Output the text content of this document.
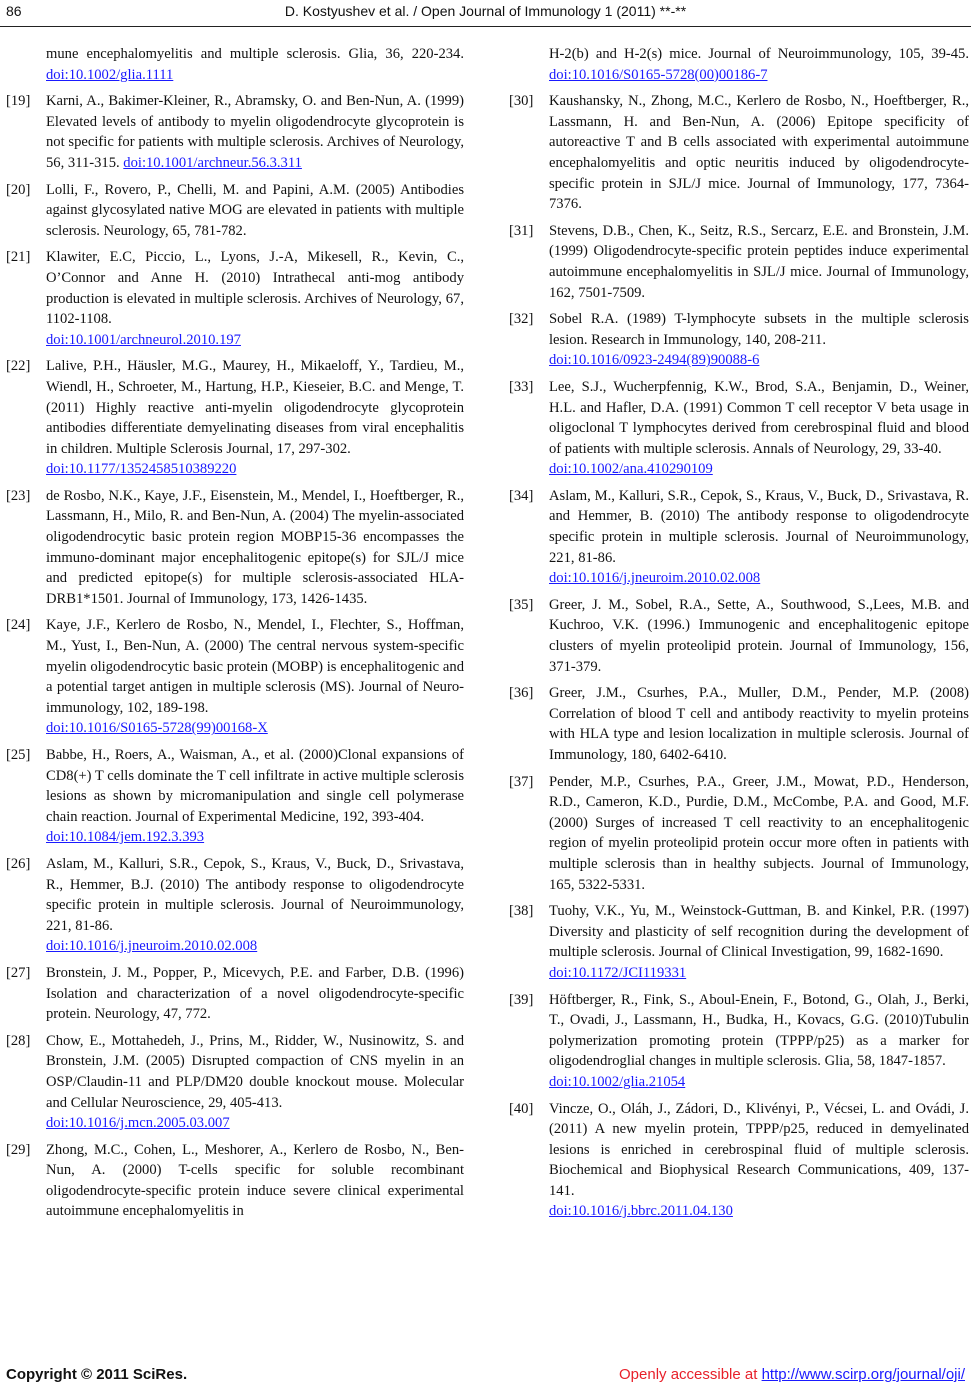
86	D. Kostyushev et al. / Open Journal of Immunology 1 (2011) **-**
mune encephalomyelitis and multiple sclerosis. Glia, 36, 220-234. doi:10.1002/glia.1111
[19] Karni, A., Bakimer-Kleiner, R., Abramsky, O. and Ben-Nun, A. (1999) Elevated levels of antibody to myelin oligodendrocyte glycoprotein is not specific for patients with multiple sclerosis. Archives of Neurology, 56, 311-315. doi:10.1001/archneur.56.3.311
[20] Lolli, F., Rovero, P., Chelli, M. and Papini, A.M. (2005) Antibodies against glycosylated native MOG are elevated in patients with multiple sclerosis. Neurology, 65, 781-782.
[21] Klawiter, E.C, Piccio, L., Lyons, J.-A, Mikesell, R., Kevin, C., O’Connor and Anne H. (2010) Intrathecal anti-mog antibody production is elevated in multiple sclerosis. Archives of Neurology, 67, 1102-1108.
doi:10.1001/archneurol.2010.197
[22] Lalive, P.H., Häusler, M.G., Maurey, H., Mikaeloff, Y., Tardieu, M., Wiendl, H., Schroeter, M., Hartung, H.P., Kieseier, B.C. and Menge, T. (2011) Highly reactive anti-myelin oligodendrocyte glycoprotein antibodies differentiate demyelinating diseases from viral encephalitis in children. Multiple Sclerosis Journal, 17, 297-302.
doi:10.1177/1352458510389220
[23] de Rosbo, N.K., Kaye, J.F., Eisenstein, M., Mendel, I., Hoeftberger, R., Lassmann, H., Milo, R. and Ben-Nun, A. (2004) The myelin-associated oligodendrocytic basic protein region MOBP15-36 encompasses the immuno-dominant major encephalitogenic epitope(s) for SJL/J mice and predicted epitope(s) for multiple sclerosis-associated HLA-DRB1*1501. Journal of Immunology, 173, 1426-1435.
[24] Kaye, J.F., Kerlero de Rosbo, N., Mendel, I., Flechter, S., Hoffman, M., Yust, I., Ben-Nun, A. (2000) The central nervous system-specific myelin oligodendrocytic basic protein (MOBP) is encephalitogenic and a potential target antigen in multiple sclerosis (MS). Journal of Neuro-immunology, 102, 189-198.
doi:10.1016/S0165-5728(99)00168-X
[25] Babbe, H., Roers, A., Waisman, A., et al. (2000)Clonal expansions of CD8(+) T cells dominate the T cell infiltrate in active multiple sclerosis lesions as shown by micromanipulation and single cell polymerase chain reaction. Journal of Experimental Medicine, 192, 393-404.
doi:10.1084/jem.192.3.393
[26] Aslam, M., Kalluri, S.R., Cepok, S., Kraus, V., Buck, D., Srivastava, R., Hemmer, B.J. (2010) The antibody response to oligodendrocyte specific protein in multiple sclerosis. Journal of Neuroimmunology, 221, 81-86.
doi:10.1016/j.jneuroim.2010.02.008
[27] Bronstein, J. M., Popper, P., Micevych, P.E. and Farber, D.B. (1996) Isolation and characterization of a novel oligodendrocyte-specific protein. Neurology, 47, 772.
[28] Chow, E., Mottahedeh, J., Prins, M., Ridder, W., Nusinowitz, S. and Bronstein, J.M. (2005) Disrupted compaction of CNS myelin in an OSP/Claudin-11 and PLP/DM20 double knockout mouse. Molecular and Cellular Neuroscience, 29, 405-413.
doi:10.1016/j.mcn.2005.03.007
[29] Zhong, M.C., Cohen, L., Meshorer, A., Kerlero de Rosbo, N., Ben-Nun, A. (2000) T-cells specific for soluble recombinant oligodendrocyte-specific protein induce severe clinical experimental autoimmune encephalomyelitis in
H-2(b) and H-2(s) mice. Journal of Neuroimmunology, 105, 39-45. doi:10.1016/S0165-5728(00)00186-7
[30] Kaushansky, N., Zhong, M.C., Kerlero de Rosbo, N., Hoeftberger, R., Lassmann, H. and Ben-Nun, A. (2006) Epitope specificity of autoreactive T and B cells associated with experimental autoimmune encephalomyelitis and optic neuritis induced by oligodendrocyte-specific protein in SJL/J mice. Journal of Immunology, 177, 7364-7376.
[31] Stevens, D.B., Chen, K., Seitz, R.S., Sercarz, E.E. and Bronstein, J.M. (1999) Oligodendrocyte-specific protein peptides induce experimental autoimmune encephalomyelitis in SJL/J mice. Journal of Immunology, 162, 7501-7509.
[32] Sobel R.A. (1989) T-lymphocyte subsets in the multiple sclerosis lesion. Research in Immunology, 140, 208-211.
doi:10.1016/0923-2494(89)90088-6
[33] Lee, S.J., Wucherpfennig, K.W., Brod, S.A., Benjamin, D., Weiner, H.L. and Hafler, D.A. (1991) Common T cell receptor V beta usage in oligoclonal T lymphocytes derived from cerebrospinal fluid and blood of patients with multiple sclerosis. Annals of Neurology, 29, 33-40.
doi:10.1002/ana.410290109
[34] Aslam, M., Kalluri, S.R., Cepok, S., Kraus, V., Buck, D., Srivastava, R. and Hemmer, B. (2010) The antibody response to oligodendrocyte specific protein in multiple sclerosis. Journal of Neuroimmunology, 221, 81-86.
doi:10.1016/j.jneuroim.2010.02.008
[35] Greer, J. M., Sobel, R.A., Sette, A., Southwood, S.,Lees, M.B. and Kuchroo, V.K. (1996.) Immunogenic and encephalitogenic epitope clusters of myelin proteolipid protein. Journal of Immunology, 156, 371-379.
[36] Greer, J.M., Csurhes, P.A., Muller, D.M., Pender, M.P. (2008) Correlation of blood T cell and antibody reactivity to myelin proteins with HLA type and lesion localization in multiple sclerosis. Journal of Immunology, 180, 6402-6410.
[37] Pender, M.P., Csurhes, P.A., Greer, J.M., Mowat, P.D., Henderson, R.D., Cameron, K.D., Purdie, D.M., McCombe, P.A. and Good, M.F. (2000) Surges of increased T cell reactivity to an encephalitogenic region of myelin proteolipid protein occur more often in patients with multiple sclerosis than in healthy subjects. Journal of Immunology, 165, 5322-5331.
[38] Tuohy, V.K., Yu, M., Weinstock-Guttman, B. and Kinkel, P.R. (1997) Diversity and plasticity of self recognition during the development of multiple sclerosis. Journal of Clinical Investigation, 99, 1682-1690.
doi:10.1172/JCI119331
[39] Höftberger, R., Fink, S., Aboul-Enein, F., Botond, G., Olah, J., Berki, T., Ovadi, J., Lassmann, H., Budka, H., Kovacs, G.G. (2010)Tubulin polymerization promoting protein (TPPP/p25) as a marker for oligodendroglial changes in multiple sclerosis. Glia, 58, 1847-1857.
doi:10.1002/glia.21054
[40] Vincze, O., Oláh, J., Zádori, D., Klivényi, P., Vécsei, L. and Ovádi, J. (2011) A new myelin protein, TPPP/p25, reduced in demyelinated lesions is enriched in cerebrospinal fluid of multiple sclerosis. Biochemical and Biophysical Research Communications, 409, 137-141.
doi:10.1016/j.bbrc.2011.04.130
Copyright © 2011 SciRes.	Openly accessible at http://www.scirp.org/journal/oji/
